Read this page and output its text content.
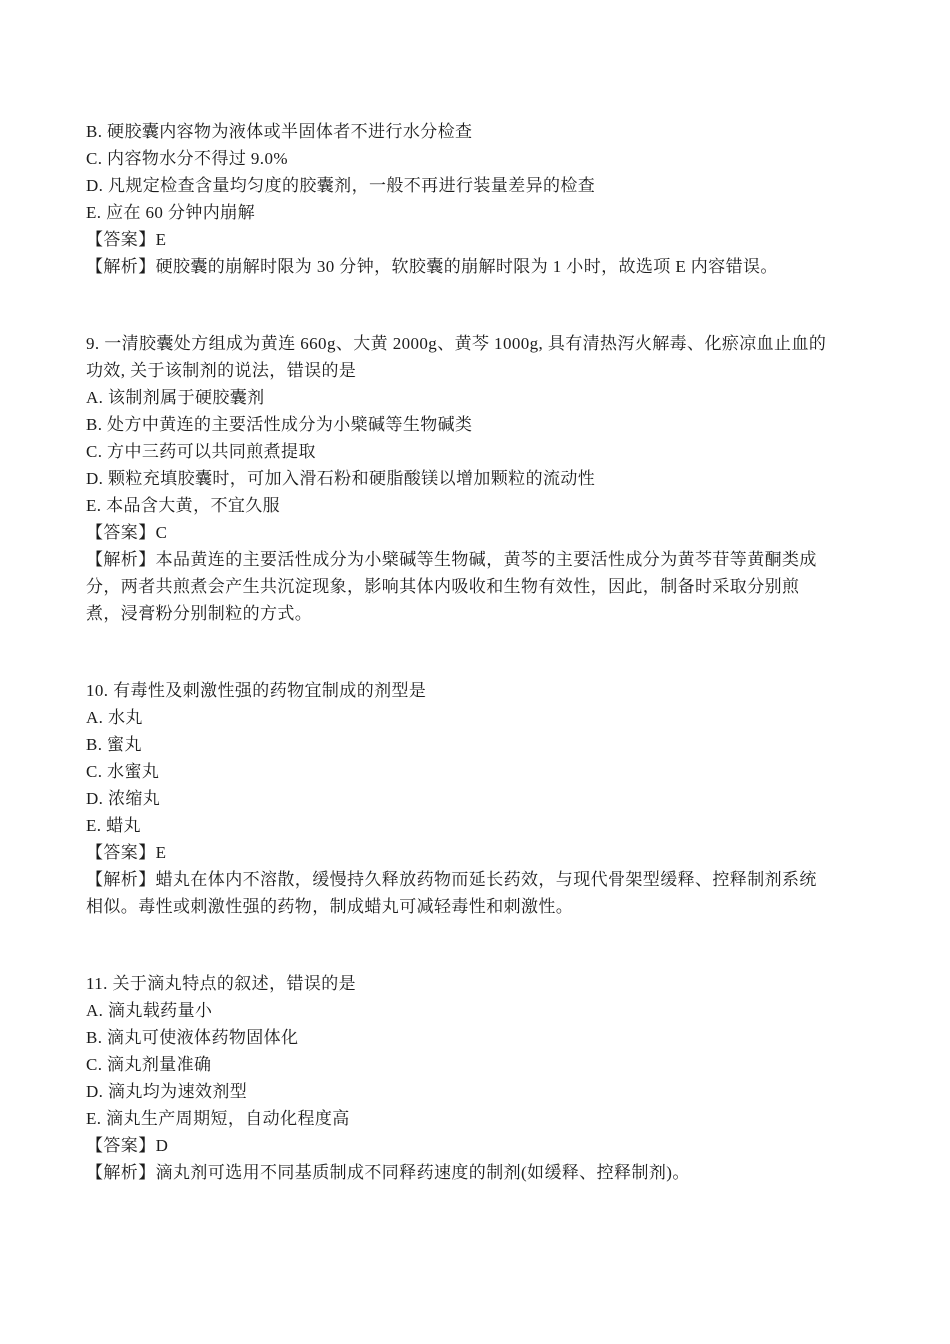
B. 硬胶囊内容物为液体或半固体者不进行水分检查
C. 内容物水分不得过 9.0%
D. 凡规定检查含量均匀度的胶囊剂，一般不再进行装量差异的检查
E. 应在 60 分钟内崩解
【答案】E
【解析】硬胶囊的崩解时限为 30 分钟，软胶囊的崩解时限为 1 小时，故选项 E 内容错误。
9. 一清胶囊处方组成为黄连 660g、大黄 2000g、黄芩 1000g, 具有清热泻火解毒、化瘀凉血止血的
功效, 关于该制剂的说法，错误的是
A. 该制剂属于硬胶囊剂
B. 处方中黄连的主要活性成分为小檗碱等生物碱类
C. 方中三药可以共同煎煮提取
D. 颗粒充填胶囊时，可加入滑石粉和硬脂酸镁以增加颗粒的流动性
E. 本品含大黄，不宜久服
【答案】C
【解析】本品黄连的主要活性成分为小檗碱等生物碱，黄芩的主要活性成分为黄芩苷等黄酮类成
分，两者共煎煮会产生共沉淀现象，影响其体内吸收和生物有效性，因此，制备时采取分别煎
煮，浸膏粉分别制粒的方式。
10. 有毒性及刺激性强的药物宜制成的剂型是
A. 水丸
B. 蜜丸
C. 水蜜丸
D. 浓缩丸
E. 蜡丸
【答案】E
【解析】蜡丸在体内不溶散，缓慢持久释放药物而延长药效，与现代骨架型缓释、控释制剂系统
相似。毒性或刺激性强的药物，制成蜡丸可减轻毒性和刺激性。
11. 关于滴丸特点的叙述，错误的是
A. 滴丸载药量小
B. 滴丸可使液体药物固体化
C. 滴丸剂量准确
D. 滴丸均为速效剂型
E. 滴丸生产周期短，自动化程度高
【答案】D
【解析】滴丸剂可选用不同基质制成不同释药速度的制剂(如缓释、控释制剂)。
